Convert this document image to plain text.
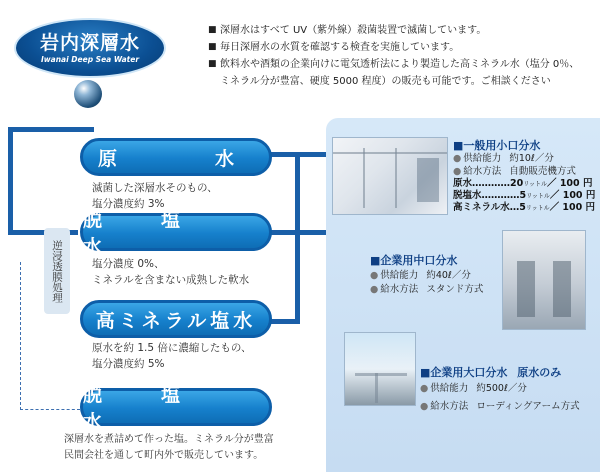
岩内深層水
Iwanai Deep Sea Water
■ 深層水はすべて UV（紫外線）殺菌装置で滅菌しています。
■ 毎日深層水の水質を確認する検査を実施しています。
■ 飲料水や酒類の企業向けに電気透析法により製造した高ミネラル水（塩分 0％、
ミネラル分が豊富、硬度 5000 程度）の販売も可能です。ご相談ください
逆浸透膜処理
原　　水
滅菌した深層水そのもの、
塩分濃度約 3%
脱　塩　水
塩分濃度 0%、
ミネラルを含まない成熟した軟水
高ミネラル塩水
原水を約 1.5 倍に濃縮したもの、
塩分濃度約 5%
脱　塩　水
深層水を煮詰めて作った塩。ミネラル分が豊富
民間会社を通して町内外で販売しています。
■一般用小口分水
● 供給能力 約10ℓ／分
● 給水方法 自動販売機方式
原水…………20リットル／ 100 円
脱塩水…………5リットル／ 100 円
高ミネラル水…5リットル／ 100 円
■企業用中口分水
● 供給能力 約40ℓ／分
● 給水方法 スタンド方式
■企業用大口分水 原水のみ
● 供給能力 約500ℓ／分
● 給水方法 ローディングアーム方式
